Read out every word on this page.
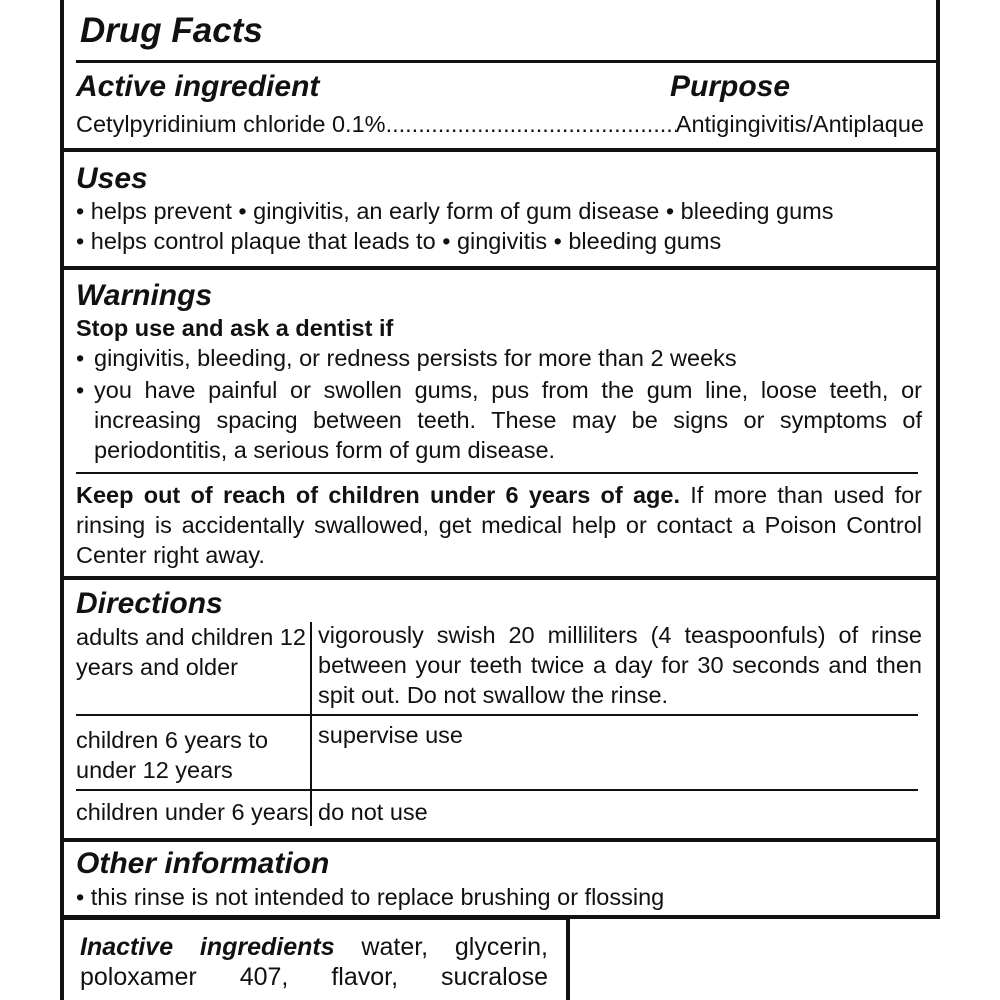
Drug Facts
Active ingredient	Purpose
Cetylpyridinium chloride 0.1%
.....	Antigingivitis/Antiplaque
Uses
• helps prevent • gingivitis, an early form of gum disease • bleeding gums
• helps control plaque that leads to • gingivitis • bleeding gums
Warnings
Stop use and ask a dentist if
• gingivitis, bleeding, or redness persists for more than 2 weeks
• you have painful or swollen gums, pus from the gum line, loose teeth, or increasing spacing between teeth. These may be signs or symptoms of periodontitis, a serious form of gum disease.
Keep out of reach of children under 6 years of age. If more than used for rinsing is accidentally swallowed, get medical help or contact a Poison Control Center right away.
Directions
adults and children 12 years and older
vigorously swish 20 milliliters (4 teaspoonfuls) of rinse between your teeth twice a day for 30 seconds and then spit out. Do not swallow the rinse.
children 6 years to under 12 years
supervise use
children under 6 years do not use
Other information
• this rinse is not intended to replace brushing or flossing
Inactive ingredients water, glycerin, poloxamer 407, flavor, sucralose
